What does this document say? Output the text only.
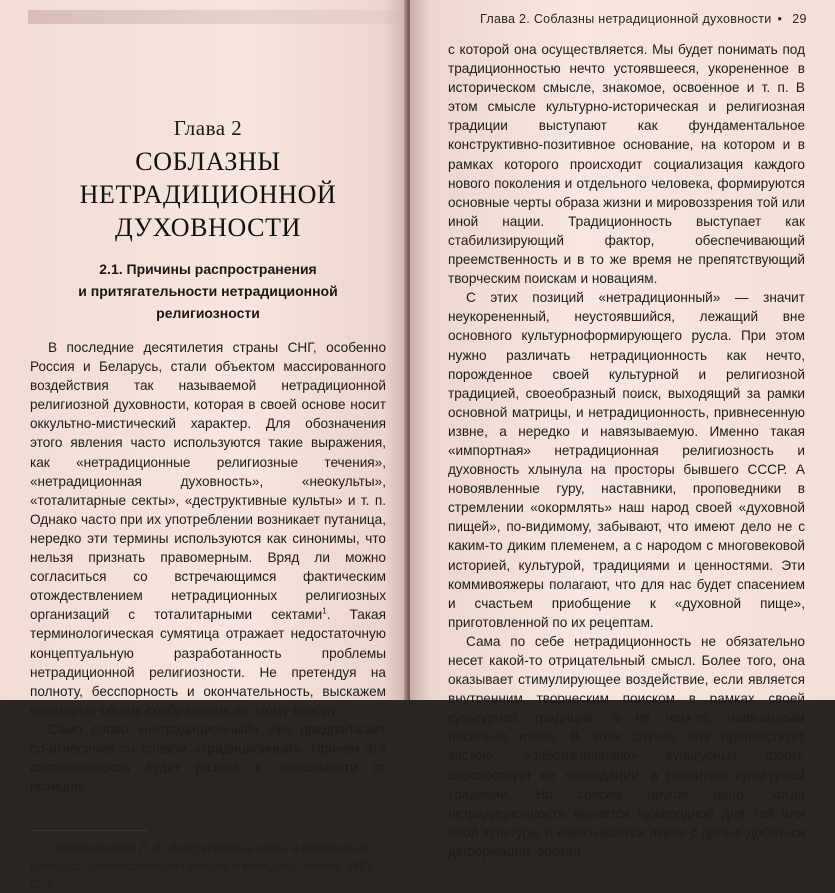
Глава 2
СОБЛАЗНЫ НЕТРАДИЦИОННОЙ
ДУХОВНОСТИ
2.1. Причины распространения
и притягательности нетрадиционной
религиозности

В последние десятилетия страны СНГ, особенно Россия и Беларусь, стали объектом массированного воздействия так называемой нетрадиционной религиозной духовности, которая в своей основе носит оккультно-мистический характер. Для обозначения этого явления часто используются такие выражения, как «нетрадиционные религиозные течения», «нетрадиционная духовность», «неокульты», «тоталитарные секты», «деструктивные культы» и т. п. Однако часто при их употреблении возникает путаница, нередко эти термины используются как синонимы, что нельзя признать правомерным. Вряд ли можно согласиться со встречающимся фактическим отождествлением нетрадиционных религиозных организаций с тоталитарными сектами$^1$. Такая терминологическая сумятица отражает недостаточную концептуальную разработанность проблемы нетрадиционной религиозности. Не претендуя на полноту, бесспорность и окончательность, выскажем некоторые общие соображения по этому поводу.

Само слово «нетрадиционный» уже предполагает со-отнесение со словом «традиционный». Причем эта соотнесенность будет разной в зависимости от позиции,

$^1$ Карпушевская Л. А. Деструктивные секты и молодежь // Беларусь: религиозное сектантство и молодежь. Минск, 1997. С. 7.
Глава 2. Соблазны нетрадиционной духовности • 29

с которой она осуществляется. Мы будет понимать под традиционностью нечто устоявшееся, укорененное в историческом смысле, знакомое, освоенное и т. п. В этом смысле культурно-историческая и религиозная традиции выступают как фундаментальное конструктивно-позитивное основание, на котором и в рамках которого происходит социализация каждого нового поколения и отдельного человека, формируются основные черты образа жизни и мировоззрения той или иной нации. Традиционность выступает как стабилизирующий фактор, обеспечивающий преемственность и в то же время не препятствующий творческим поискам и новациям.

С этих позиций «нетрадиционный» — значит неукорененный, неустоявшийся, лежащий вне основного культурноформирующего русла. При этом нужно различать нетрадиционность как нечто, порожденное своей культурной и религиозной традицией, своеобразный поиск, выходящий за рамки основной матрицы, и нетрадиционность, привнесенную извне, а нередко и навязываемую. Именно такая «импортная» нетрадиционная религиозность и духовность хлынула на просторы бывшего СССР. А новоявленные гуру, наставники, проповедники в стремлении «окормлять» наш народ своей «духовной пищей», по-видимому, забывают, что имеют дело не с каким-то диким племенем, а с народом с многовековой историей, культурой, традициями и ценностями. Эти коммивояжеры полагают, что для нас будет спасением и счастьем приобщение к «духовной пище», приготовленной по их рецептам.

Сама по себе нетрадиционность не обязательно несет какой-то отрицательный смысл. Более того, она оказывает стимулирующее воздействие, если является внутренним творческим поиском в рамках своей культурной традиции, а не чем-то, навязанным насильно извне. В этом случае она препятствует застою, «заболачиванию» культурных форм, способствует не ликвидации, а развитию культурной традиции. Но совсем другое дело, когда нетрадиционность является чужеродной для той или иной культуры и навязывается извне с целью добиться деформации, эрозии
